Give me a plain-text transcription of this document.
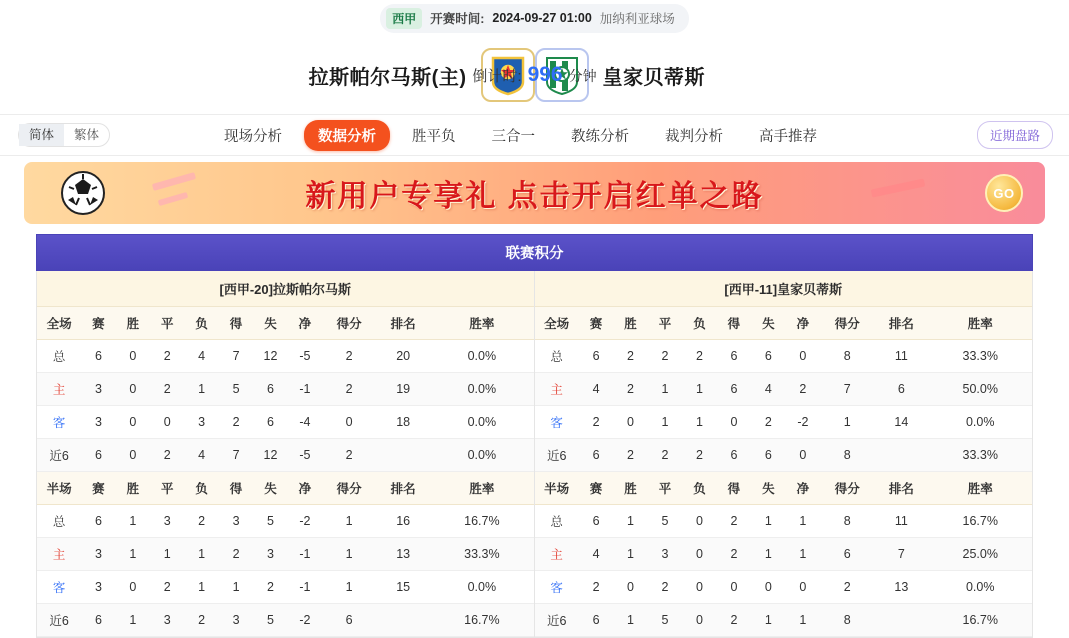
西甲	开赛时间: 2024-09-27 01:00 加纳利亚球场
拉斯帕尔马斯(主)	皇家贝蒂斯
倒计时: 996 分钟
简体	繁体	现场分析	数据分析	胜平负	三合一	教练分析	裁判分析	高手推荐	近期盘路
新用户专享礼 点击开启红单之路	GO
联赛积分
[西甲-20]拉斯帕尔马斯										
全场	赛	胜	平	负	得	失	净	得分	排名	胜率
总	6	0	2	4	7	12	-5	2	20	0.0%
主	3	0	2	1	5	6	-1	2	19	0.0%
客	3	0	0	3	2	6	-4	0	18	0.0%
近6	6	0	2	4	7	12	-5	2		0.0%
半场	赛	胜	平	负	得	失	净	得分	排名	胜率
总	6	1	3	2	3	5	-2	1	16	16.7%
主	3	1	1	1	2	3	-1	1	13	33.3%
客	3	0	2	1	1	2	-1	1	15	0.0%
近6	6	1	3	2	3	5	-2	6		16.7%
[西甲-11]皇家贝蒂斯										
全场	赛	胜	平	负	得	失	净	得分	排名	胜率
总	6	2	2	2	6	6	0	8	11	33.3%
主	4	2	1	1	6	4	2	7	6	50.0%
客	2	0	1	1	0	2	-2	1	14	0.0%
近6	6	2	2	2	6	6	0	8		33.3%
半场	赛	胜	平	负	得	失	净	得分	排名	胜率
总	6	1	5	0	2	1	1	8	11	16.7%
主	4	1	3	0	2	1	1	6	7	25.0%
客	2	0	2	0	0	0	0	2	13	0.0%
近6	6	1	5	0	2	1	1	8		16.7%
